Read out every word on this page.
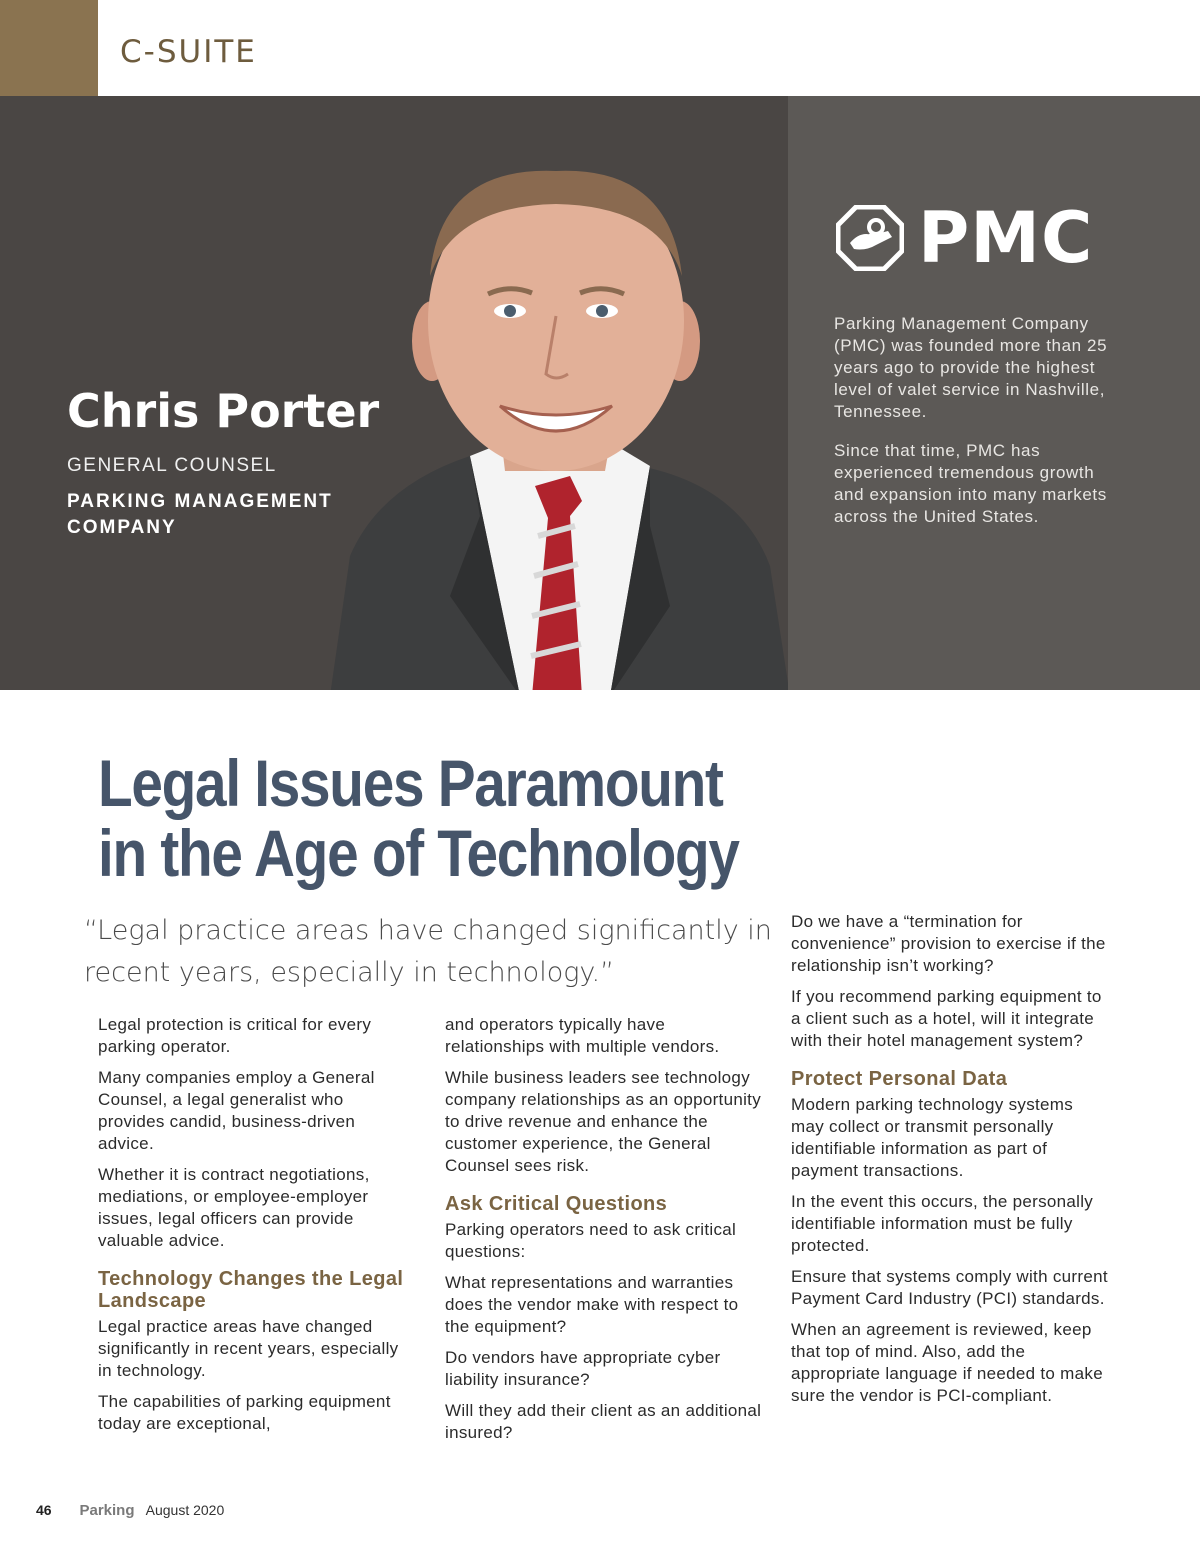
C-SUITE
Chris Porter
GENERAL COUNSEL
PARKING MANAGEMENT COMPANY
PMC
Parking Management Company (PMC) was founded more than 25 years ago to provide the highest level of valet service in Nashville, Tennessee.
Since that time, PMC has experienced tremendous growth and expansion into many markets across the United States.
Legal Issues Paramount
in the Age of Technology
“Legal practice areas have changed significantly in recent years, especially in technology.”

Legal protection is critical for every parking operator.

Many companies employ a General Counsel, a legal generalist who provides candid, business-driven advice.

Whether it is contract negotiations, mediations, or employee-employer issues, legal officers can provide valuable advice.

Technology Changes the Legal Landscape

Legal practice areas have changed significantly in recent years, especially in technology.

The capabilities of parking equipment today are exceptional,

and operators typically have relationships with multiple vendors.

While business leaders see technology company relationships as an opportunity to drive revenue and enhance the customer experience, the General Counsel sees risk.

Ask Critical Questions

Parking operators need to ask critical questions:

What representations and warranties does the vendor make with respect to the equipment?

Do vendors have appropriate cyber liability insurance?

Will they add their client as an additional insured?

Do we have a “termination for convenience” provision to exercise if the relationship isn’t working?

If you recommend parking equipment to a client such as a hotel, will it integrate with their hotel management system?

Protect Personal Data

Modern parking technology systems may collect or transmit personally identifiable information as part of payment transactions.

In the event this occurs, the personally identifiable information must be fully protected.

Ensure that systems comply with current Payment Card Industry (PCI) standards.

When an agreement is reviewed, keep that top of mind. Also, add the appropriate language if needed to make sure the vendor is PCI-compliant.

46 Parking August 2020
